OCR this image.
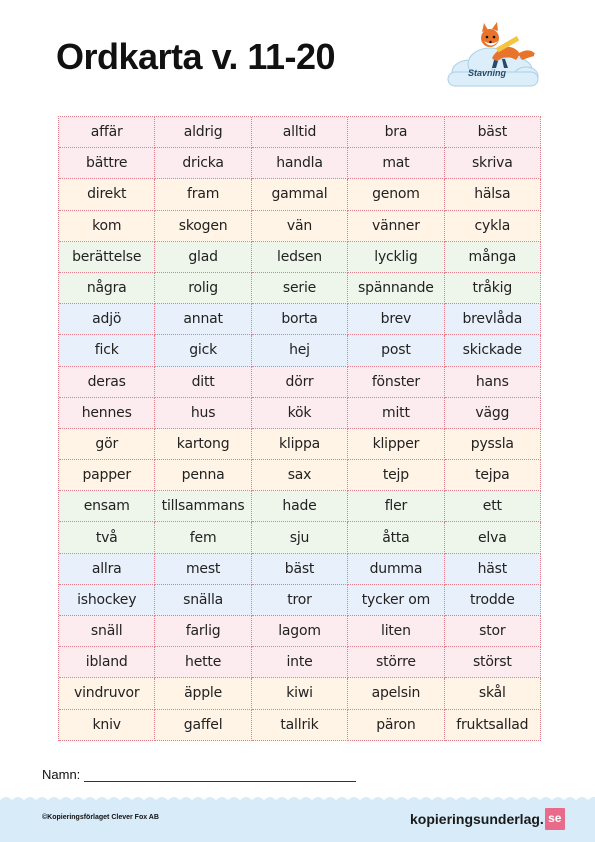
Ordkarta v. 11-20	Stavning
affär	aldrig	alltid	bra	bäst
bättre	dricka	handla	mat	skriva
direkt	fram	gammal	genom	hälsa
kom	skogen	vän	vänner	cykla
berättelse	glad	ledsen	lycklig	många
några	rolig	serie	spännande	tråkig
adjö	annat	borta	brev	brevlåda
fick	gick	hej	post	skickade
deras	ditt	dörr	fönster	hans
hennes	hus	kök	mitt	vägg
gör	kartong	klippa	klipper	pyssla
papper	penna	sax	tejp	tejpa
ensam	tillsammans	hade	fler	ett
två	fem	sju	åtta	elva
allra	mest	bäst	dumma	häst
ishockey	snälla	tror	tycker om	trodde
snäll	farlig	lagom	liten	stor
ibland	hette	inte	större	störst
vindruvor	äpple	kiwi	apelsin	skål
kniv	gaffel	tallrik	päron	fruktsallad
Namn:
©Kopieringsförlaget Clever Fox AB	kopieringsunderlag. se
